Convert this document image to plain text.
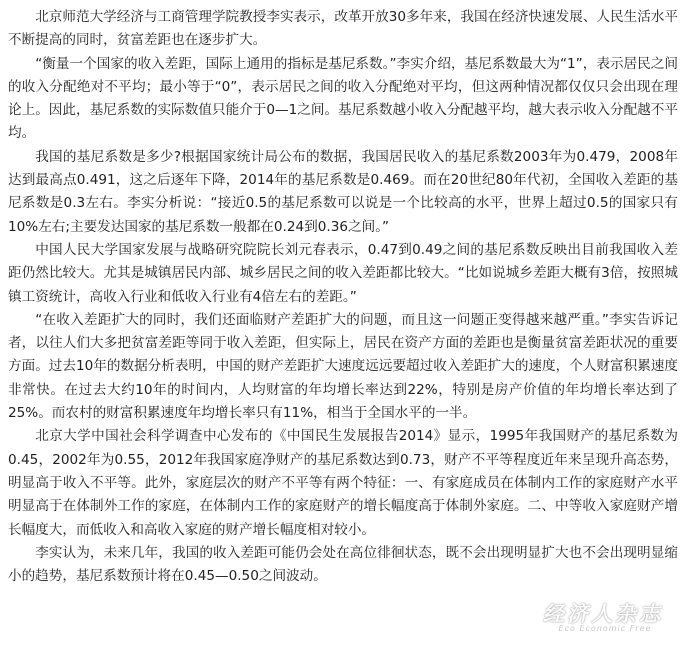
北京师范大学经济与工商管理学院教授李实表示，改革开放30多年来，我国在经济快速发展、人民生活水平不断提高的同时，贫富差距也在逐步扩大。

“衡量一个国家的收入差距，国际上通用的指标是基尼系数。”李实介绍，基尼系数最大为“1”，表示居民之间的收入分配绝对不平均；最小等于“0”，表示居民之间的收入分配绝对平均，但这两种情况都仅仅只会出现在理论上。因此，基尼系数的实际数值只能介于0—1之间。基尼系数越小收入分配越平均，越大表示收入分配越不平均。

我国的基尼系数是多少?根据国家统计局公布的数据，我国居民收入的基尼系数2003年为0.479，2008年达到最高点0.491，这之后逐年下降，2014年的基尼系数是0.469。而在20世纪80年代初，全国收入差距的基尼系数是0.3左右。李实分析说：“接近0.5的基尼系数可以说是一个比较高的水平，世界上超过0.5的国家只有10%左右;主要发达国家的基尼系数一般都在0.24到0.36之间。”

中国人民大学国家发展与战略研究院院长刘元春表示，0.47到0.49之间的基尼系数反映出目前我国收入差距仍然比较大。尤其是城镇居民内部、城乡居民之间的收入差距都比较大。“比如说城乡差距大概有3倍，按照城镇工资统计，高收入行业和低收入行业有4倍左右的差距。”

“在收入差距扩大的同时，我们还面临财产差距扩大的问题，而且这一问题正变得越来越严重。”李实告诉记者，以往人们大多把贫富差距等同于收入差距，但实际上，居民在资产方面的差距也是衡量贫富差距状况的重要方面。过去10年的数据分析表明，中国的财产差距扩大速度远远要超过收入差距扩大的速度，个人财富积累速度非常快。在过去大约10年的时间内，人均财富的年均增长率达到22%，特别是房产价值的年均增长率达到了25%。而农村的财富积累速度年均增长率只有11%，相当于全国水平的一半。

北京大学中国社会科学调查中心发布的《中国民生发展报告2014》显示，1995年我国财产的基尼系数为0.45，2002年为0.55，2012年我国家庭净财产的基尼系数达到0.73，财产不平等程度近年来呈现升高态势，明显高于收入不平等。此外，家庭层次的财产不平等有两个特征：一、有家庭成员在体制内工作的家庭财产水平明显高于在体制外工作的家庭，在体制内工作的家庭财产的增长幅度高于体制外家庭。二、中等收入家庭财产增长幅度大，而低收入和高收入家庭的财产增长幅度相对较小。

李实认为，未来几年，我国的收入差距可能仍会处在高位徘徊状态，既不会出现明显扩大也不会出现明显缩小的趋势，基尼系数预计将在0.45—0.50之间波动。

经济人杂志
Eco Economic Free
